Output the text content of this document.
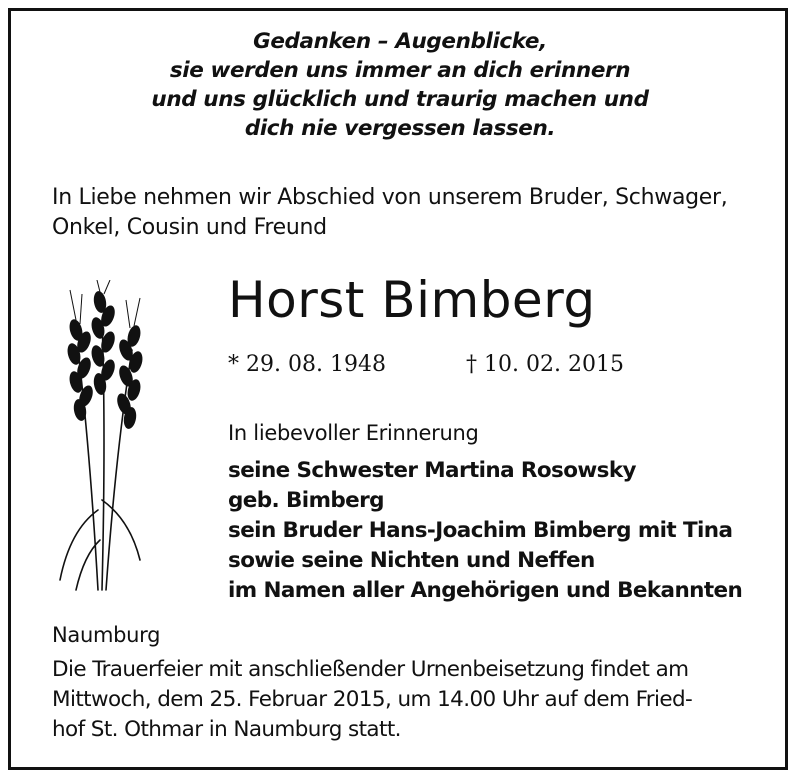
Gedanken – Augenblicke,
sie werden uns immer an dich erinnern
und uns glücklich und traurig machen und
dich nie vergessen lassen.
In Liebe nehmen wir Abschied von unserem Bruder, Schwager,
Onkel, Cousin und Freund
Horst Bimberg
* 29. 08. 1948	† 10. 02. 2015
In liebevoller Erinnerung
seine Schwester Martina Rosowsky
geb. Bimberg
sein Bruder Hans-Joachim Bimberg mit Tina
sowie seine Nichten und Neffen
im Namen aller Angehörigen und Bekannten
Naumburg
Die Trauerfeier mit anschließender Urnenbeisetzung findet am
Mittwoch, dem 25. Februar 2015, um 14.00 Uhr auf dem Fried-
hof St. Othmar in Naumburg statt.
